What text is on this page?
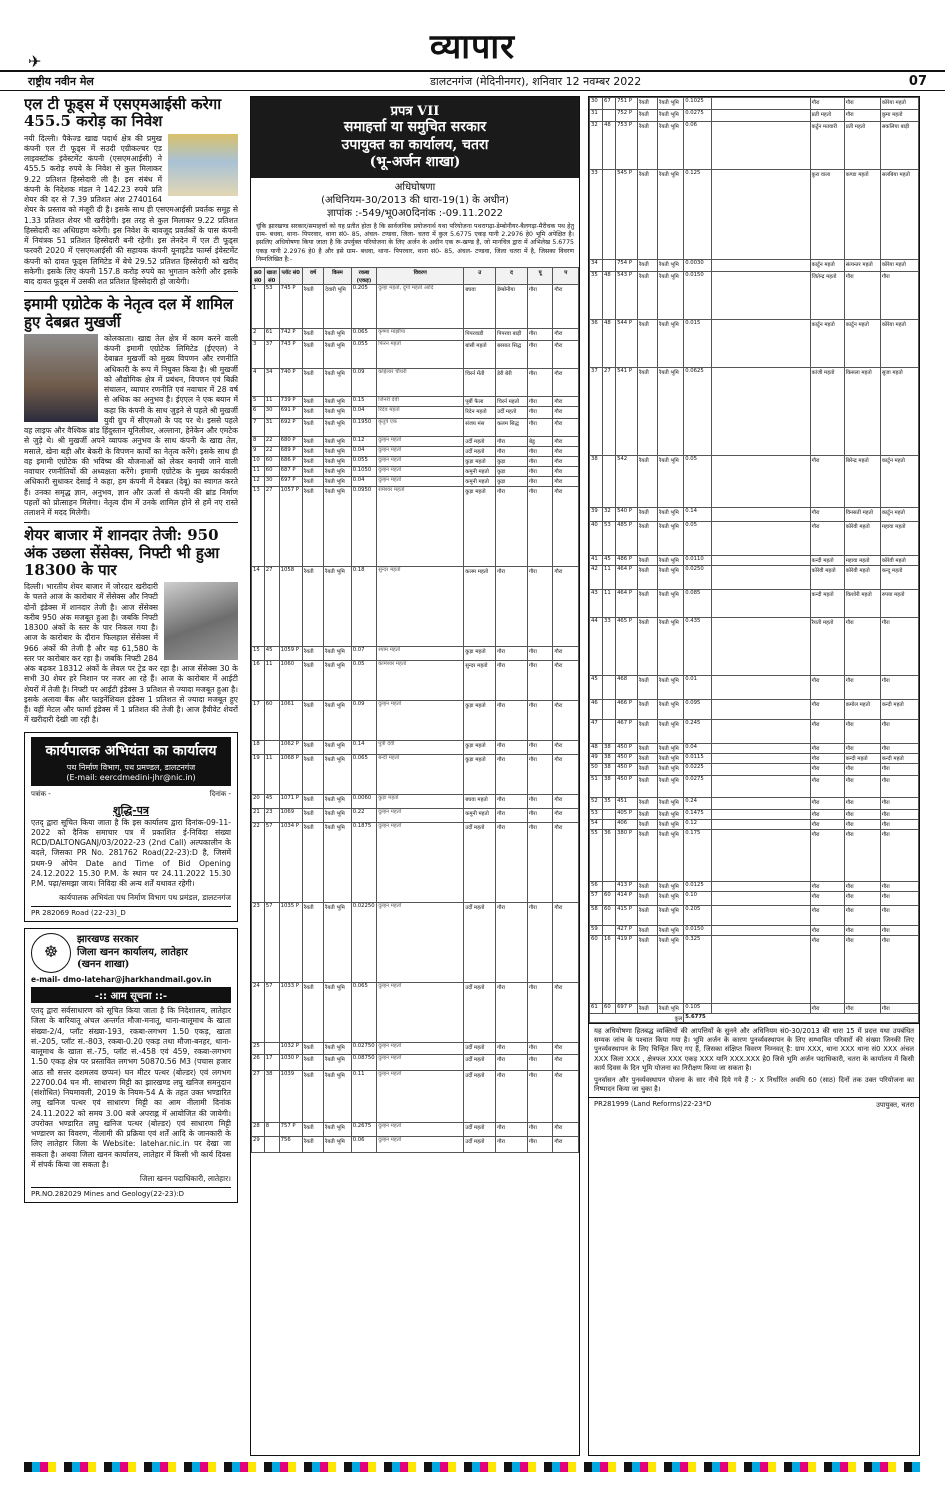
✈	व्यापार
राष्ट्रीय नवीन मेल	डालटनगंज (मेदिनीनगर), शनिवार 12 नवम्बर 2022	07
एल टी फूड्स में एसएमआईसी करेगा 455.5 करोड़ का निवेश

नयी दिल्ली। पैकेज्ड खाद्य पदार्थ क्षेत्र की प्रमुख कंपनी एल टी फूड्स में सउदी एग्रीकल्चर एंड लाइवस्टॉक इंवेस्टमेंट कंपनी (एसएमआईसी) ने 455.5 करोड़ रुपये के निवेश से कुल मिलाकर 9.22 प्रतिशत हिस्सेदारी ली है। इस संबंध में कंपनी के निदेशक मंडल ने 142.23 रुपये प्रति शेयर की दर से 7.39 प्रतिशत अंश 2740164 शेयर के प्रस्ताव को मंजूरी दी है। इसके साथ ही एसएमआईसी प्रवर्तक समूह से 1.33 प्रतिशत शेयर भी खरीदेगी। इस तरह से कुल मिलाकर 9.22 प्रतिशत हिस्सेदारी का अधिग्रहण करेगी। इस निवेश के बावजूद प्रवर्तकों के पास कंपनी में नियंत्रक 51 प्रतिशत हिस्सेदारी बनी रहेगी। इस लेनदेन में एल टी फूड्स फरवरी 2020 में एसएमआईसी की सहायक कंपनी यूनाइटेड फार्म्स इंवेस्टमेंट कंपनी को दावत फूड्स लिमिटेड में बेचे 29.52 प्रतिशत हिस्सेदारी को खरीद सकेगी। इसके लिए कंपनी 157.8 करोड़ रुपये का भुगतान करेगी और इसके बाद दावत फूड्स में उसकी शत प्रतिशत हिस्सेदारी हो जायेगी।

इमामी एग्रोटेक के नेतृत्व दल में शामिल हुए देबब्रत मुखर्जी

कोलकाता। खाद्य तेल क्षेत्र में काम करने वाली कंपनी इमामी एग्रोटेक लिमिटेड (ईएएल) ने देबाब्रत मुखर्जी को मुख्य विपणन और रणनीति अधिकारी के रूप में नियुक्त किया है। श्री मुखर्जी को औद्योगिक क्षेत्र में प्रबंधन, विपणन एवं बिक्री संचालन, व्यापार रणनीति एवं नवाचार में 28 वर्ष से अधिक का अनुभव है। ईएएल ने एक बयान में कहा कि कंपनी के साथ जुड़ने से पहले श्री मुखर्जी युवी ग्रुप में सीएमओ के पद पर थे। इससे पहले वह लाइफ और वैश्विक ब्रांड हिंदुस्तान यूनिलीवर, अल्लाना, हेनेकेन और एमटेक से जुड़े थे। श्री मुखर्जी अपने व्यापक अनुभव के साथ कंपनी के खाद्य तेल, मसाले, खेना बड़ी और बेकरी के विपणन कार्यों का नेतृत्व करेंगे। इसके साथ ही वह इमामी एग्रोटेक की भविष्य की योजनाओं को लेकर बनायी जाने वाली नवाचार रणनीतियों की अध्यक्षता करेंगे। इमामी एग्रोटेक के मुख्य कार्यकारी अधिकारी सुधाकर देसाई ने कहा, हम कंपनी में देबब्रत (देबू) का स्वागत करते हैं। उनका समृद्ध ज्ञान, अनुभव, ज्ञान और ऊर्जा से कंपनी की ब्रांड निर्माण पहलों को प्रोत्साहन मिलेगा। नेतृत्व दीम में उनके शामिल होने से हमें नए रास्ते तलाशने में मदद मिलेगी।

शेयर बाजार में शानदार तेजी: 950 अंक उछला सेंसेक्स, निफ्टी भी हुआ 18300 के पार

दिल्ली। भारतीय शेयर बाजार में जोरदार खरीदारी के चलते आज के कारोबार में सेंसेक्स और निफ्टी दोनों इंडेक्स में शानदार तेजी है। आज सेंसेक्स करीब 950 अंक मजबूत हुआ है। जबकि निफ्टी 18300 अंकों के स्तर के पार निकल गया है। आज के कारोबार के दौरान फिलहाल सेंसेक्स में 966 अंकों की तेजी है और यह 61,580 के स्तर पर कारोबार कर रहा है। जबकि निफ्टी 284 अंक बढ़कर 18312 अंकों के लेवल पर ट्रेड कर रहा है। आज सेंसेक्स 30 के सभी 30 शेयर हरे निशान पर नजर आ रहे हैं। आज के कारोबार में आईटी शेयरों में तेजी है। निफ्टी पर आईटी इंडेक्स 3 प्रतिशत से ज्यादा मजबूत हुआ है। इसके अलावा बैंक और फाइनेंशियल इंडेक्स 1 प्रतिशत से ज्यादा मजबूत हुए हैं। वहीं मेटल और फार्मा इंडेक्स में 1 प्रतिशत की तेजी है। आज हैवीवेट शेयरों में खरीदारी देखी जा रही है।

कार्यपालक अभियंता का कार्यालय
पथ निर्माण विभाग, पथ प्रमण्डल, डालटनगंज
(E-mail: eercdmedini-jhr@nic.in)
पत्रांक -	दिनांक -
शुद्धि-पत्र

एतद् द्वारा सूचित किया जाता है कि इस कार्यालय द्वारा दिनांक-09-11-2022 को दैनिक समाचार पत्र में प्रकाशित ई-निविदा संख्या RCD/DALTONGANJ/03/2022-23 (2nd Call) अल्पकालीन के बदले, जिसका PR No. 281762 Road(22-23):D है, जिसमें प्रथम-9 ओपेन Date and Time of Bid Opening 24.12.2022 15.30 P.M. के स्थान पर 24.11.2022 15.30 P.M. पढ़ा/समझा जाय। निविदा की अन्य शर्तें यथावत रहेगी।

कार्यपालक अभियंता पथ निर्माण विभाग पथ प्रमंडल, डालटनगंज
PR 282069 Road (22-23)_D
☸
झारखण्ड सरकार
जिला खनन कार्यालय, लातेहार
(खनन शाखा)
e-mail- dmo-latehar@jharkhandmail.gov.in
-:: आम सूचना ::-

एतद् द्वारा सर्वसाधारण को सूचित किया जाता है कि निदेशालय, लातेहार जिला के बारियातू अंचल अन्तर्गत मौजा-मनातू, थाना-बालूमाथ के खाता संख्या-2/4, प्लॉट संख्या-193, रकबा-लगभग 1.50 एकड़, खाता सं.-205, प्लॉट सं.-803, रकबा-0.20 एकड़ तथा मौजा-बनहर, थाना-बालूमाथ के खाता सं.-75, प्लॉट सं.-458 एवं 459, रकबा-लगभग 1.50 एकड़ क्षेत्र पर प्रस्तावित लगभग 50870.56 M3 (पचास हजार आठ सौ सत्तर दशमलव छप्पन) घन मीटर पत्थर (बोल्डर) एवं लगभग 22700.04 घन मी. साधारण मिट्टी का झारखण्ड लघु खनिज समनुदान (संशोधित) नियमावली, 2019 के नियम-54 A के तहत उक्त भण्डारित लघु खनिज पत्थर एवं साधारण मिट्टी का आम नीलामी दिनांक 24.11.2022 को समय 3.00 बजे अपराह्न में आयोजित की जायेगी। उपरोक्त भण्डारित लघु खनिज पत्थर (बोल्डर) एवं साधारण मिट्टी भण्डारण का विवरण, नीलामी की प्रक्रिया एवं शर्तें आदि के जानकारी के लिए लातेहार जिला के Website: latehar.nic.in पर देखा जा सकता है। अथवा जिला खनन कार्यालय, लातेहार में किसी भी कार्य दिवस में संपर्क किया जा सकता है।

जिला खनन पदाधिकारी, लातेहार।
PR.NO.282029 Mines and Geology(22-23):D
प्रपत्र VII
समाहर्त्ता या समुचित सरकार
उपायुक्त का कार्यालय, चतरा
(भू-अर्जन शाखा)
अधिघोषणा
(अधिनियम-30/2013 की धारा-19(1) के अधीन)
ज्ञापांक :-549/भू0अ0दिनांक :-09.11.2022
चूंकि झारखण्ड सरकार/समाहर्त्ता को यह प्रतीत होता है कि सार्वजनिक प्रयोजनार्थ यथा परियोजना पथरागढ़ा-डेम्बोनीयर-बैलगढ़ा-मैरीचक पथ हेतु ग्राम- बधवा, थाना- पिपरवार, थाना सं0- 85, अंचल- टण्डवा, जिला- चतरा में कुल 5.6775 एकड़ यानी 2.2976 हे0 भूमि अपेक्षित है। इसलिए अधियोषणा किया जाता है कि उपर्युक्त परियोजना के लिए अर्जन के अधीन एक रू-खण्ड है, जो मानचित्र द्वारा में अभिलेख 5.6775 एकड़ यानी 2.2976 हे0 है और इसे ग्राम- बधवा, थाना- पिपरवार, थाना सं0- 85, अंचल- टण्डवा, जिला चतरा में है, जिसका विवरण निम्नलिखित है:-
क्र0 सं0	खाता सं0	प्लॉट सं0	वर्ष	किस्म	रकबा (एकड़)	विवरण	उ	द	पू	प
1	53	745 P	रैयती	देवारी भूमि	0.205	दुल्हा महतो, दुर्गा महतो आदि	बघवा	डेम्बोनीया	गौरा	गौरा
2	61	742 P	रैयती	रैयती भूमि	0.065	कृष्णा मांझीपा	पिपरवाडी	पिपरवा बाड़ी	गौरा	गौरा
3	37	743 P	रैयती	रैयती भूमि	0.055	फिरन महतो	बांसी महतो	बरसात सिद्ध	गौरा	गौरा
4	34	740 P	रैयती	रैयती भूमि	0.09	कोईलार चौधरी	चिरर्न मेंती	डेरी बेरी	गौरा	गौरा
5	11	739 P	रैयती	रैयती भूमि	0.15	जिनरी देवी	पूर्बी फैला	चिरर्न महतो	गौरा	गौरा
6	30	691 P	रैयती	रैयती भूमि	0.04	रिदेव महतो	रिदेन महतो	उर्दी महतो	गौरा	गौरा
7	31	692 P	रैयती	रैयती भूमि	0.1950	कृतुर्त्र एक	संजय मंस	कलम सिद्ध	गौरा	गौरा
8	22	680 P	रैयती	रैयती भूमि	0.12	दुल्हन महतो	उर्दी महतो	गौरा	बेडू	गौरा
9	22	689 P	रैयती	रैयती भूमि	0.04	दुल्हन महतो	उर्दी महतो	गौरा	गौरा	गौरा
10	60	686 P	रैयती	रैयती भूमि	0.055	दुल्हन महतो	कुड़ा महतो	कुड़ा	गौरा	गौरा
11	60	687 P	रैयती	रैयती भूमि	0.1050	दुल्हन महतो	कमुनी महतो	कुड़ा	गौरा	गौरा
12	30	697 P	रैयती	रैयती भूमि	0.04	दुल्हन महतो	कमुनी महतो	कुड़ा	गौरा	गौरा
13	27	1057 P	रैयती	रैयती भूमि	0.0950	रामेश्वर महतो	कुड़ा महतो	गौरा	गौरा	गौरा
14	27	1058	रैयती	रैयती भूमि	0.18	सुन्दर महतो	कलम महतो	गौरा	गौरा	गौरा
15	45	1059 P	रैयती	रैयती भूमि	0.07	श्याम महतो	कुड़ा महतो	गौरा	गौरा	गौरा
16	11	1060	रैयती	रैयती भूमि	0.05	कामेश्वर महतो	सुन्दर महतो	गौरा	गौरा	गौरा
17	60	1061	रैयती	रैयती भूमि	0.09	दुल्हन महतो	कुड़ा महतो	गौरा	गौरा	गौरा
18		1062 P	रैयती	रैयती भूमि	0.14	पुत्री देवी	कुड़ा महतो	गौरा	गौरा	गौरा
19	11	1068 P	रैयती	रैयती भूमि	0.065	बन्दी महतो	कुड़ा महतो	गौरा	गौरा	गौरा
20	45	1071 P	रैयती	रैयती भूमि	0.0060	कुड़ा महतो	बघवा महतो	गौरा	गौरा	गौरा
21	23	1069	रैयती	रैयती भूमि	0.22	दुल्हन महतो	कमुनी महतो	गौरा	गौरा	गौरा
22	57	1034 P	रैयती	रैयती भूमि	0.1875	दुल्हन महतो	उर्दी महतो	गौरा	गौरा	गौरा
23	57	1035 P	रैयती	रैयती भूमि	0.02250	दुल्हन महतो	उर्दी महतो	गौरा	गौरा	गौरा
24	57	1033 P	रैयती	रैयती भूमि	0.065	दुल्हन महतो	उर्दी महतो	गौरा	गौरा	गौरा
25		1032 P	रैयती	रैयती भूमि	0.02750	दुल्हन महतो	उर्दी महतो	गौरा	गौरा	गौरा
26	17	1030 P	रैयती	रैयती भूमि	0.08750	दुल्हन महतो	उर्दी महतो	गौरा	गौरा	गौरा
27	38	1039	रैयती	रैयती भूमि	0.11	दुल्हन महतो	उर्दी महतो	गौरा	गौरा	गौरा
28	8	757 P	रैयती	रैयती भूमि	0.2675	दुल्हन महतो	उर्दी महतो	गौरा	गौरा	गौरा
29		756	रैयती	रैयती भूमि	0.06	दुल्हन महतो	उर्दी महतो	गौरा	गौरा	गौरा
30	67	751 P	रैयती	रैयती भूमि	0.1025		गौरा	गौरा	कोरेया महतो
31		752 P	रैयती	रैयती भूमि	0.0275		प्रती महतो	गौरा	कुमा महतो
32	48	753 P	रैयती	रैयती भूमि	0.06		कर्टुन मतवारी	प्रती महतो	सकलिया बाड़ी
33		545 P	रैयती	रैयती भूमि	0.125		कुरा वाला	कण्डा महतो	सलबिया महतो
34		754 P	रैयती	रैयती भूमि	0.0030		कार्टुन महतो	संत्यन्तर महतो	कोरेया महतो
35	48	543 P	रैयती	रैयती भूमि	0.0150		जितेन्द्र महतो	गौरा	गौरा
36	48	544 P	रैयती	रैयती भूमि	0.015		कार्टुन महतो	कार्टुन महतो	कोरेया महतो
37	27	541 P	रैयती	रैयती भूमि	0.0625		कांजी महतो	किसला महतो	सुजा महतो
38		542	रैयती	रैयती भूमि	0.05		गौरा	बिरेन्द्र महतो	कार्टुन महतो
39	32	540 P	रैयती	रैयती भूमि	0.14		गौरा	विनसती महतो	कार्टुन महतो
40	53	485 P	रैयती	रैयती भूमि	0.05		गौरा	कोरेवी महतो	महावा महतो
41	45	486 P	रैयती	रैयती भूमि	0.0110		कन्दी महतो	महावा महतो	कोरेवी महतो
42	11	464 P	रैयती	रैयती भूमि	0.0250		कोरेवी महतो	कोरेवी महतो	कन्दु महतो
43	11	464 P	रैयती	रैयती भूमि	0.085		कन्दी महतो	किशोरी महतो	रुपया महतो
44	33	465 P	रैयती	रैयती भूमि	0.435		रैयती महतो	गौरा	गौरा
45		468	रैयती	रैयती भूमि	0.01		गौरा	गौरा	गौरा
46		466 P	रैयती	रैयती भूमि	0.095		गौरा	कमोल महतो	कन्दी महतो
47		467 P	रैयती	रैयती भूमि	0.245		गौरा	गौरा	गौरा
48	38	450 P	रैयती	रैयती भूमि	0.04		गौरा	गौरा	गौरा
49	38	450 P	रैयती	रैयती भूमि	0.0115		गौरा	कन्दी महतो	कन्दी महतो
50	38	450 P	रैयती	रैयती भूमि	0.0225		गौरा	गौरा	गौरा
51	38	450 P	रैयती	रैयती भूमि	0.0275		गौरा	गौरा	गौरा
52	35	451	रैयती	रैयती भूमि	0.24		गौरा	गौरा	गौरा
53		405 P	रैयती	रैयती भूमि	0.1475		गौरा	गौरा	गौरा
54		406	रैयती	रैयती भूमि	0.12		गौरा	गौरा	गौरा
55	36	380 P	रैयती	रैयती भूमि	0.175		गौरा	गौरा	गौरा
56		413 P	रैयती	रैयती भूमि	0.0125		गौरा	गौरा	गौरा
57	60	414 P	रैयती	रैयती भूमि	0.10		गौरा	गौरा	गौरा
58	60	415 P	रैयती	रैयती भूमि	0.205		गौरा	गौरा	गौरा
59		427 P	रैयती	रैयती भूमि	0.0150		गौरा	गौरा	गौरा
60	16	419 P	रैयती	रैयती भूमि	0.325		गौरा	गौरा	गौरा
61	60	697 P	रैयती	रैयती भूमि	0.105		गौरा	गौरा	गौरा
कुल					5.6775				

यह अधियोषणा हितबद्ध व्यक्तियों की आपत्तियों के सुनने और अधिनियम सं0-30/2013 की धारा 15 में प्रदत्त यथा उपबंधित सम्यक जांच के पश्चात किया गया है। भूमि अर्जन के कारण पुनर्व्यवस्थापन के लिए सम्भावित परिवारों की संख्या जिनकी लिए पुनर्व्यवस्थापन के लिए चिन्हित किए गए हैं, जिसका संक्षिप्त विवरण निम्नवत् है: ग्राम XXX, थाना XXX थाना सं0 XXX अंचल XXX जिला XXX , क्षेत्रफल XXX एकड़ XXX यानि XXX.XXX हे0 जिसे भूमि अर्जन पदाधिकारी, चतरा के कार्यालय में किसी कार्य दिवस के दिन भूमि योजना का निरीक्षण किया जा सकता है।

पुनर्वासन और पुनर्व्यवस्थापन योजना के सार नीचे दिये गये हैं :- X निर्धारित अवधि 60 (साठ) दिनों तक उक्त परियोजना का निष्पादन किया जा चुका है।

PR281999 (Land Reforms)22-23*D	उपायुक्त, चतरा
